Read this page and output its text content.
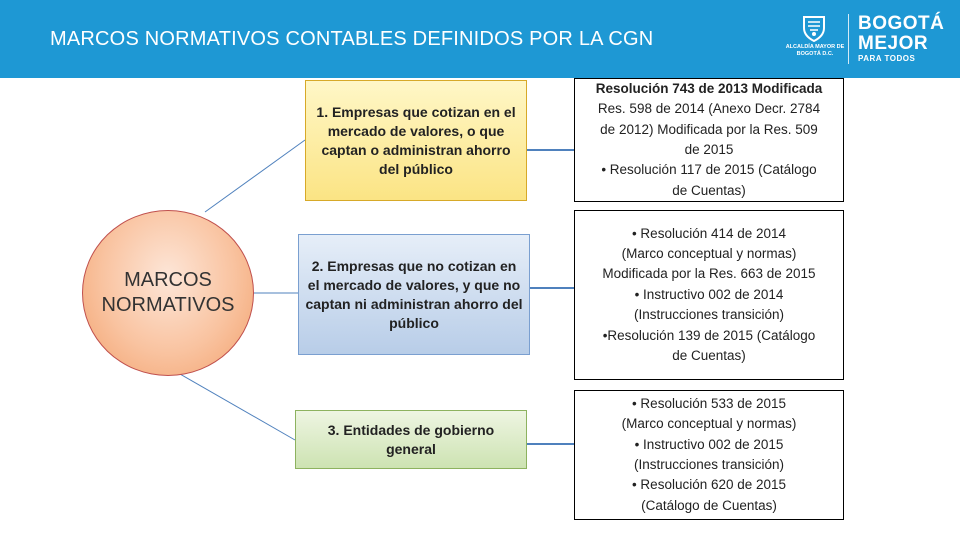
MARCOS NORMATIVOS CONTABLES DEFINIDOS POR LA CGN	ALCALDÍA MAYOR DE BOGOTÁ D.C.
BOGOTÁ
MEJOR
PARA TODOS
MARCOS NORMATIVOS
1. Empresas que cotizan en el mercado de valores, o que captan o administran ahorro del público
2. Empresas que no cotizan en el mercado de valores, y que no captan ni administran ahorro del público
3. Entidades de gobierno general
Resolución 743 de 2013 Modificada
Res. 598 de 2014 (Anexo Decr. 2784
de 2012) Modificada por la Res. 509
de 2015
• Resolución 117 de 2015 (Catálogo
de Cuentas)
• Resolución 414 de 2014
(Marco conceptual y normas)
Modificada por la Res. 663 de 2015
• Instructivo 002 de 2014
(Instrucciones transición)
•Resolución 139 de 2015 (Catálogo
de Cuentas)
• Resolución 533 de 2015
(Marco conceptual y normas)
• Instructivo 002 de 2015
(Instrucciones transición)
• Resolución 620 de 2015
(Catálogo de Cuentas)
